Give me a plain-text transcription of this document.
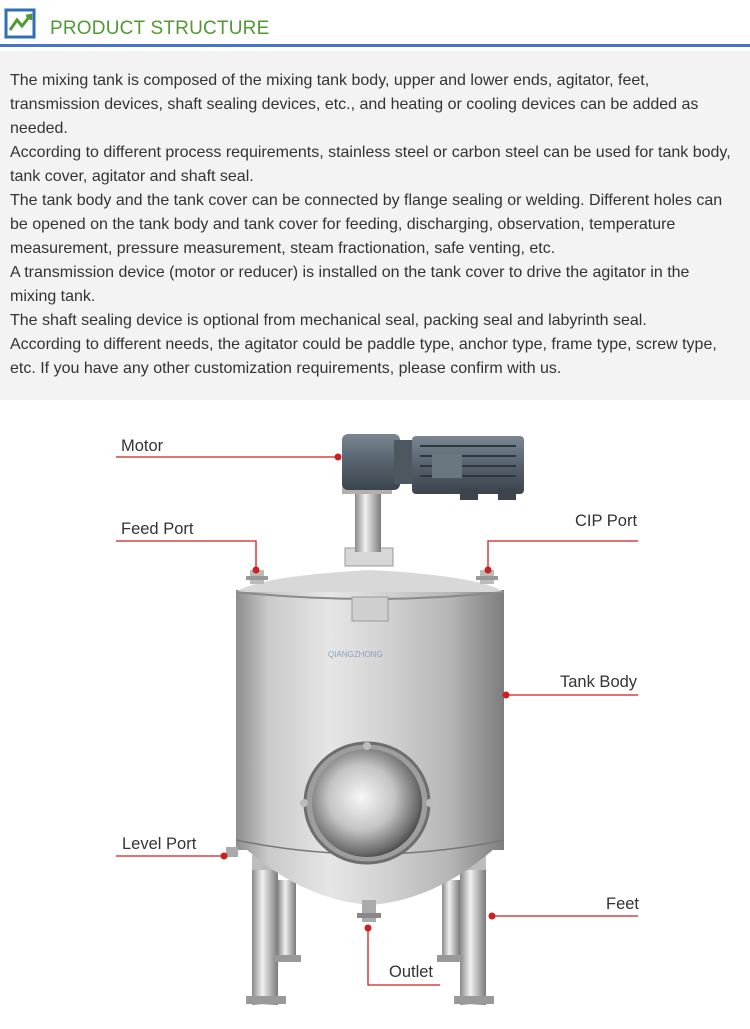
PRODUCT STRUCTURE
The mixing tank is composed of the mixing tank body, upper and lower ends, agitator, feet, transmission devices, shaft sealing devices, etc., and heating or cooling devices can be added as needed.
According to different process requirements, stainless steel or carbon steel can be used for tank body, tank cover, agitator and shaft seal.
The tank body and the tank cover can be connected by flange sealing or welding. Different holes can be opened on the tank body and tank cover for feeding, discharging, observation, temperature measurement, pressure measurement, steam fractionation, safe venting, etc.
A transmission device (motor or reducer) is installed on the tank cover to drive the agitator in the mixing tank.
The shaft sealing device is optional from mechanical seal, packing seal and labyrinth seal.
According to different needs, the agitator could be paddle type, anchor type, frame type, screw type, etc. If you have any other customization requirements, please confirm with us.
QIANGZHONG
Motor
Feed Port	CIP Port
Tank Body
Level Port
Feet
Outlet
